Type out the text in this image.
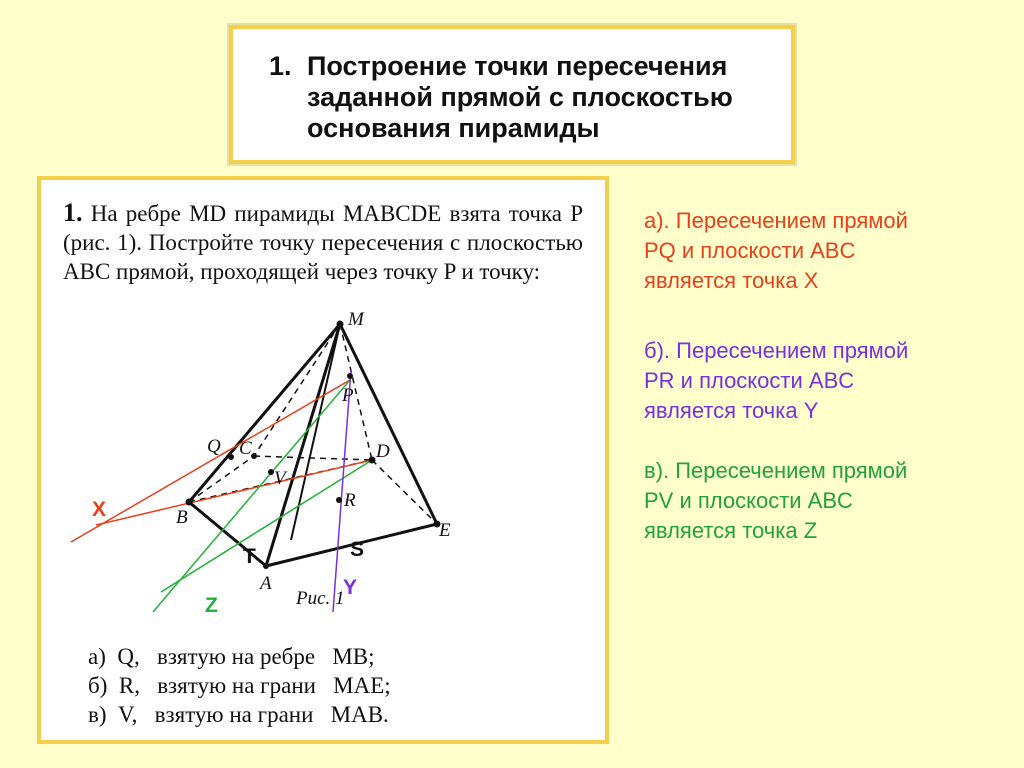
1. Построение точки пересечения
заданной прямой с плоскостью
основания пирамиды
1. На ребре MD пирамиды MABCDE взята точка P (рис. 1). Постройте точку пересечения с плоскостью ABC прямой, проходящей через точку P и точку:
M
P
Q C	D
V
R
B
E
A
Рис. 1
X
Z
Y
T	S
а)  Q,   взятую на ребре   MB;
б)  R,   взятую на грани   MAE;
в)  V,   взятую на грани   MAB.
а). Пересечением прямой
PQ и плоскости ABC
является точка X
б). Пересечением прямой
PR и плоскости ABC
является точка Y
в). Пересечением прямой
PV и плоскости ABC
является точка Z
